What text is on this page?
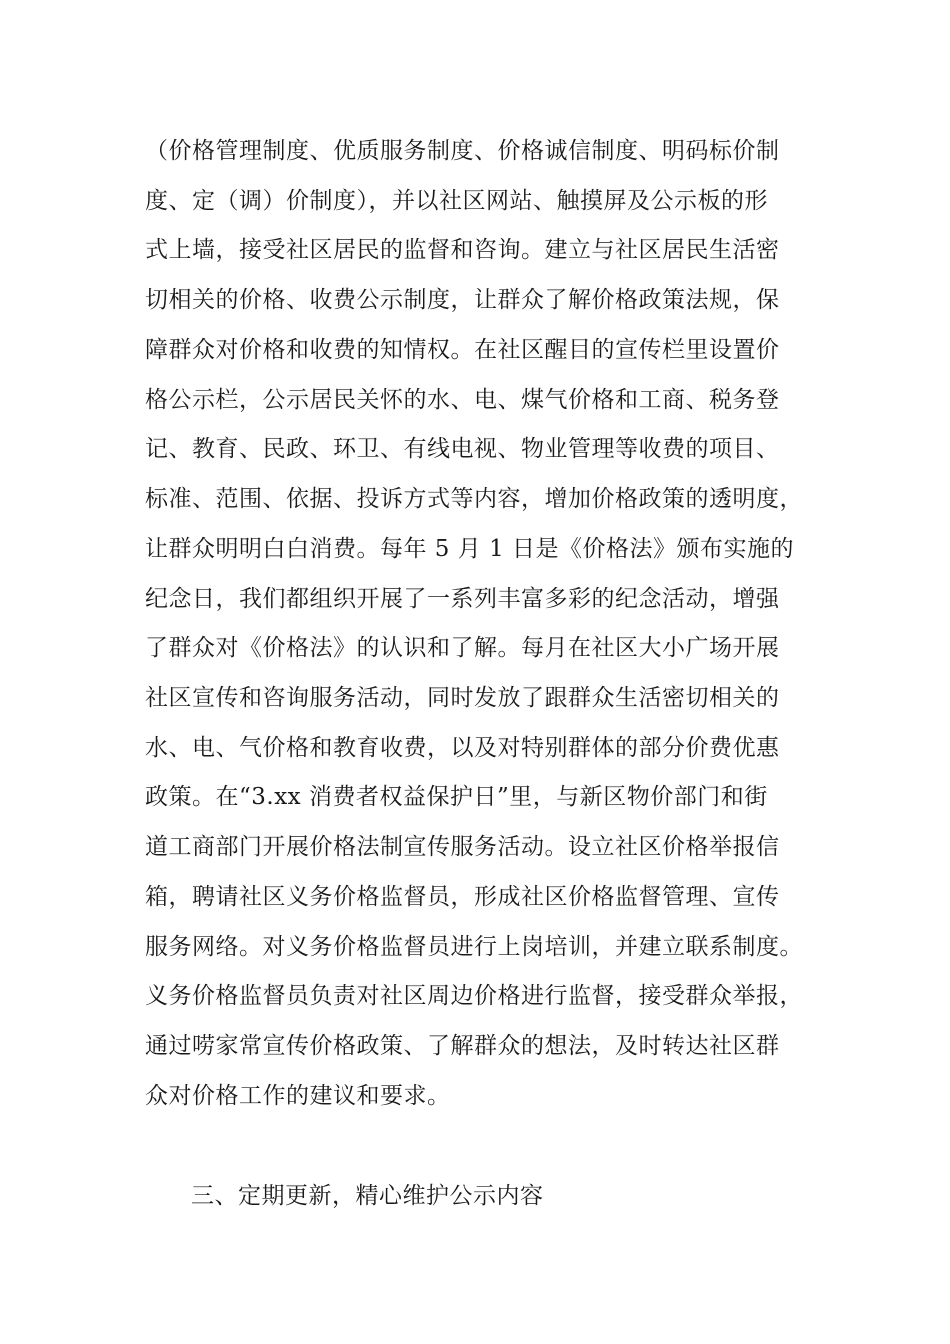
（价格管理制度、优质服务制度、价格诚信制度、明码标价制
度、定（调）价制度），并以社区网站、触摸屏及公示板的形
式上墙，接受社区居民的监督和咨询。建立与社区居民生活密
切相关的价格、收费公示制度，让群众了解价格政策法规，保
障群众对价格和收费的知情权。在社区醒目的宣传栏里设置价
格公示栏，公示居民关怀的水、电、煤气价格和工商、税务登
记、教育、民政、环卫、有线电视、物业管理等收费的项目、
标准、范围、依据、投诉方式等内容，增加价格政策的透明度，
让群众明明白白消费。每年 5 月 1 日是《价格法》颁布实施的
纪念日，我们都组织开展了一系列丰富多彩的纪念活动，增强
了群众对《价格法》的认识和了解。每月在社区大小广场开展
社区宣传和咨询服务活动，同时发放了跟群众生活密切相关的
水、电、气价格和教育收费，以及对特别群体的部分价费优惠
政策。在“3.xx 消费者权益保护日”里，与新区物价部门和街
道工商部门开展价格法制宣传服务活动。设立社区价格举报信
箱，聘请社区义务价格监督员，形成社区价格监督管理、宣传
服务网络。对义务价格监督员进行上岗培训，并建立联系制度。
义务价格监督员负责对社区周边价格进行监督，接受群众举报，
通过唠家常宣传价格政策、了解群众的想法，及时转达社区群
众对价格工作的建议和要求。
三、定期更新，精心维护公示内容
